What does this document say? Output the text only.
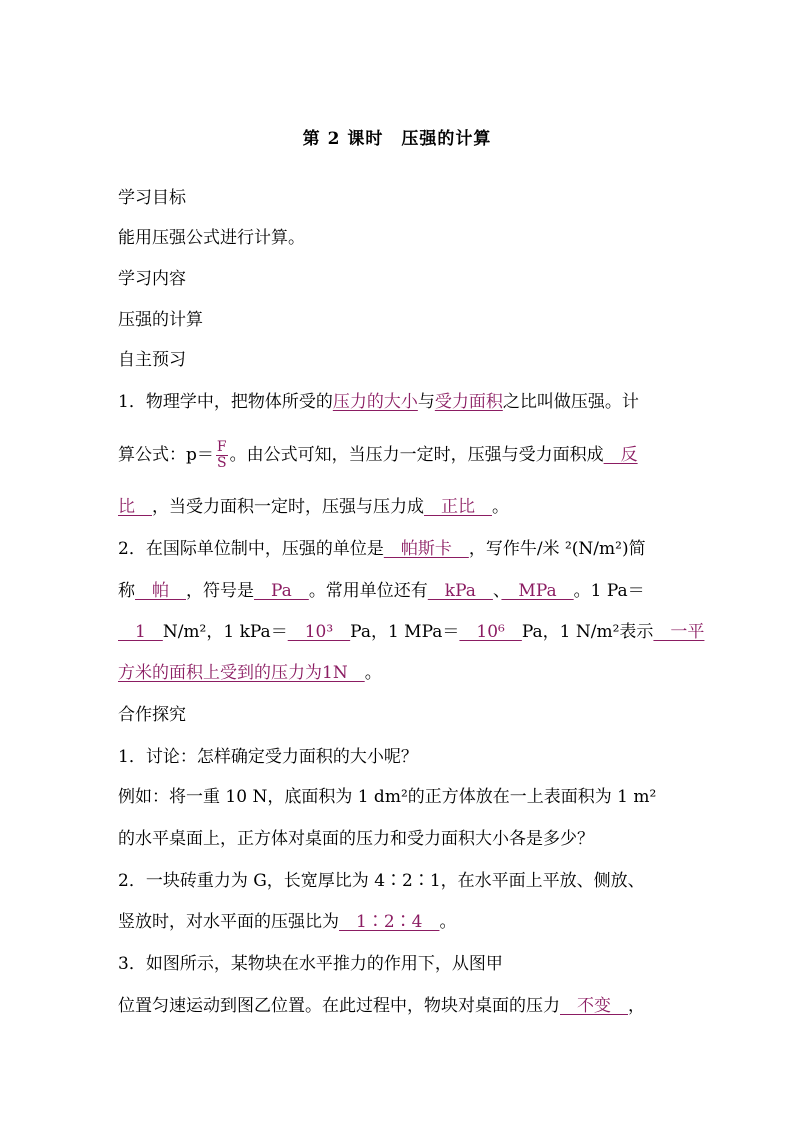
第 2 课时 压强的计算
学习目标
能用压强公式进行计算。
学习内容
压强的计算
自主预习
1．物理学中，把物体所受的压力的大小与受力面积之比叫做压强。计
算公式：$p= \frac{F}{S}$ 。由公式可知，当压力一定时，压强与受力面积成　反
比　，当受力面积一定时，压强与压力成　正比　。
2．在国际单位制中，压强的单位是　帕斯卡　，写作牛/米 ²(N/m²)简
称　帕　，符号是　Pa　。常用单位还有　kPa　、　MPa　。1 Pa＝
　1　N/m²，1 kPa＝　10³　Pa，1 MPa＝　10⁶　Pa，1 N/m²表示　一平
方米的面积上受到的压力为1N　。
合作探究
1．讨论：怎样确定受力面积的大小呢？
例如：将一重 10 N，底面积为 1 dm²的正方体放在一上表面积为 1 m²
的水平桌面上，正方体对桌面的压力和受力面积大小各是多少？
2．一块砖重力为 G，长宽厚比为 4∶2∶1，在水平面上平放、侧放、
竖放时，对水平面的压强比为　1∶2∶4　。
3．如图所示，某物块在水平推力的作用下，从图甲
位置匀速运动到图乙位置。在此过程中，物块对桌面的压力　不变　，
